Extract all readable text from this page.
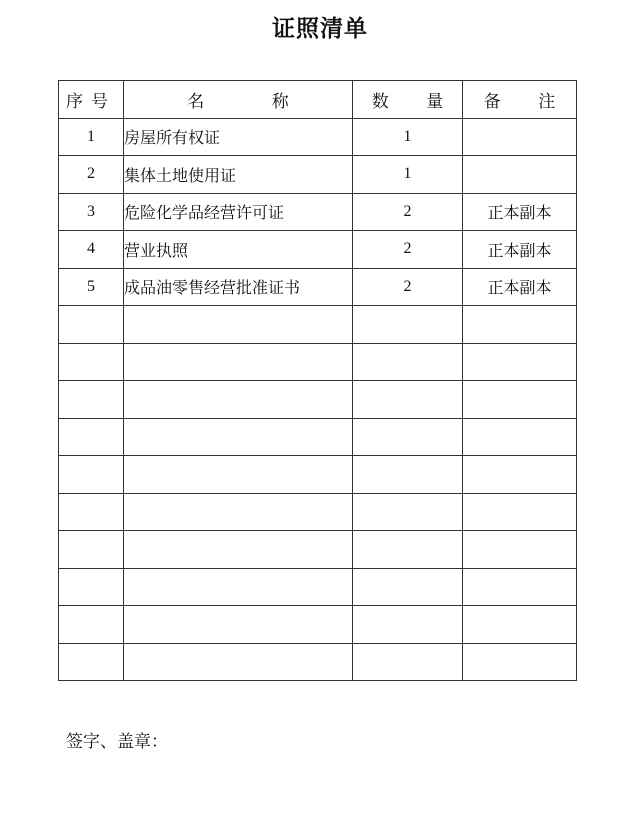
证照清单
序号	名 称	数 量	备 注
1	房屋所有权证	1	
2	集体土地使用证	1	
3	危险化学品经营许可证	2	正本副本
4	营业执照	2	正本副本
5	成品油零售经营批准证书	2	正本副本

签字、盖章：
